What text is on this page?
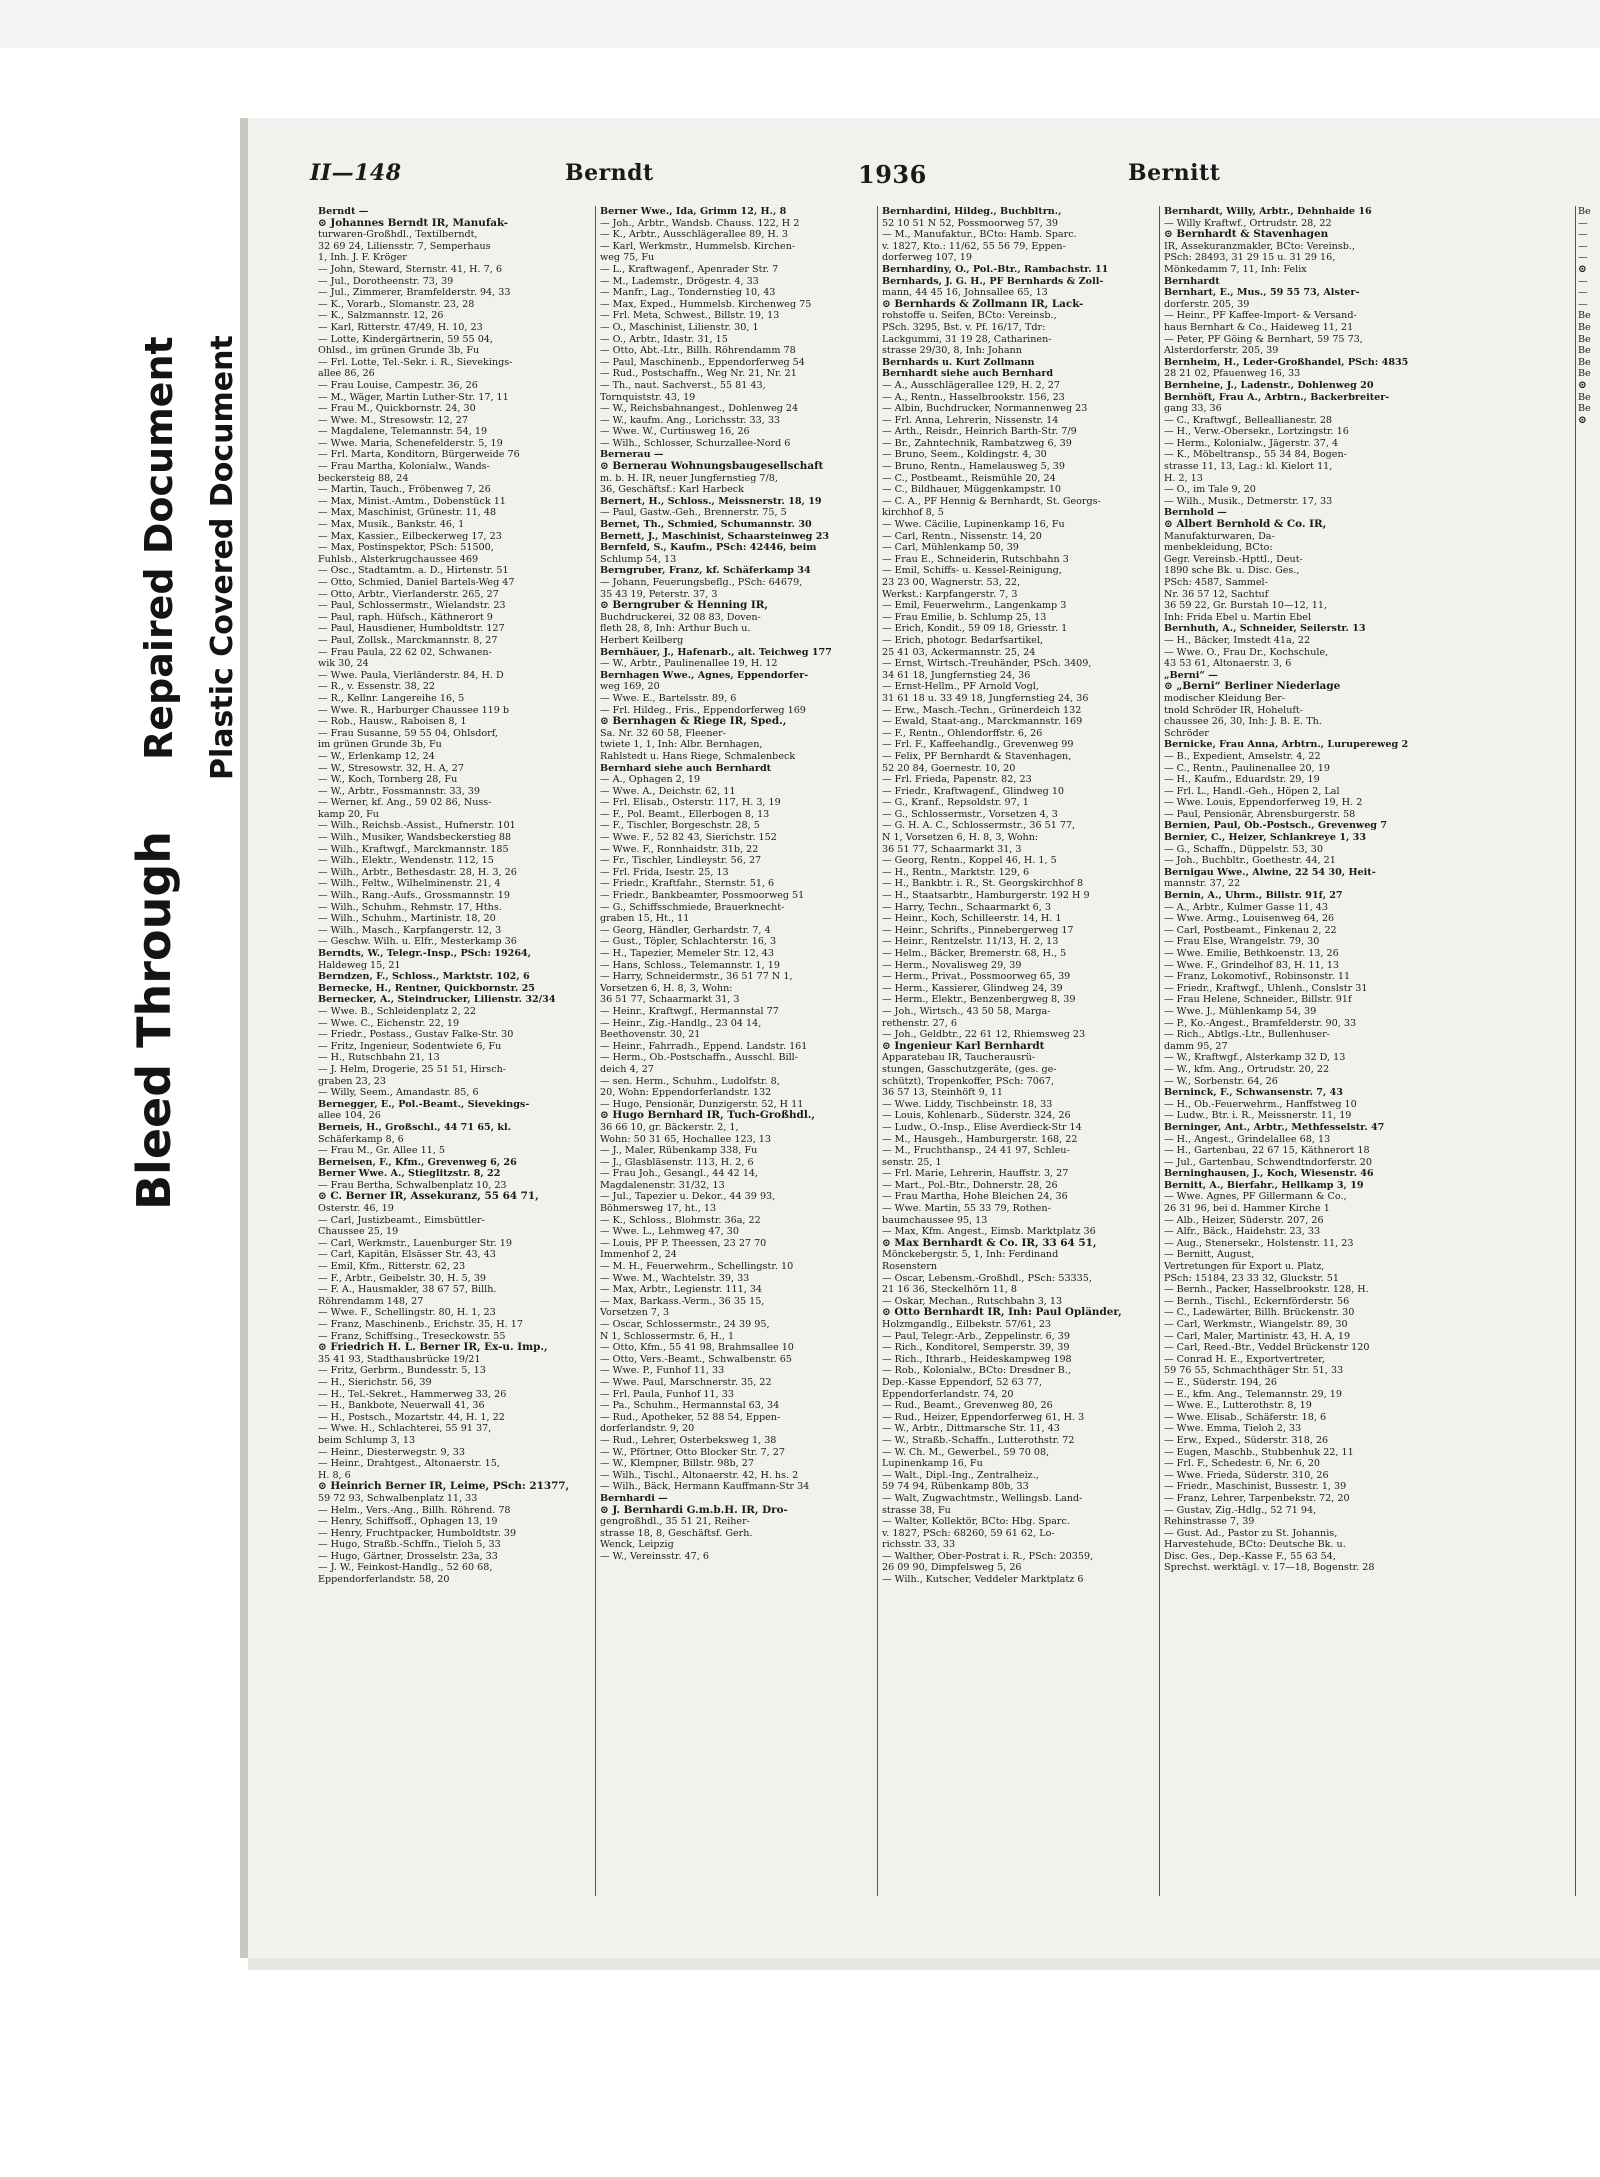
Bleed Through
Repaired Document Plastic Covered Document
II—148	Berndt	1936	Bernitt
Berndt —
⊙ Johannes Berndt IR, Manufak-
turwaren-Großhdl., Textilberndt,
32 69 24, Liliensstr. 7, Semperhaus
1, Inh. J. F. Kröger
— John, Steward, Sternstr. 41, H. 7, 6
— Jul., Dorotheenstr. 73, 39
— Jul., Zimmerer, Bramfelderstr. 94, 33
— K., Vorarb., Slomanstr. 23, 28
— K., Salzmannstr. 12, 26
— Karl, Ritterstr. 47/49, H. 10, 23
— Lotte, Kindergärtnerin, 59 55 04,
Ohlsd., im grünen Grunde 3b, Fu
— Frl. Lotte, Tel.-Sekr. i. R., Sievekings-
allee 86, 26
— Frau Louise, Campestr. 36, 26
— M., Wäger, Martin Luther-Str. 17, 11
— Frau M., Quickbornstr. 24, 30
— Wwe. M., Stresowstr. 12, 27
— Magdalene, Telemannstr. 54, 19
— Wwe. Maria, Schenefelderstr. 5, 19
— Frl. Marta, Konditorn, Bürgerweide 76
— Frau Martha, Kolonialw., Wands-
beckersteig 88, 24
— Martin, Tauch., Fröbenweg 7, 26
— Max, Minist.-Amtm., Dobenstück 11
— Max, Maschinist, Grünestr. 11, 48
— Max, Musik., Bankstr. 46, 1
— Max, Kassier., Eilbeckerweg 17, 23
— Max, Postinspektor, PSch: 51500,
Fuhlsb., Alsterkrugchaussee 469
— Osc., Stadtamtm. a. D., Hirtenstr. 51
— Otto, Schmied, Daniel Bartels-Weg 47
— Otto, Arbtr., Vierlanderstr. 265, 27
— Paul, Schlossermstr., Wielandstr. 23
— Paul, raph. Hüfsch., Käthnerort 9
— Paul, Hausdiener, Humboldtstr. 127
— Paul, Zollsk., Marckmannstr. 8, 27
— Frau Paula, 22 62 02, Schwanen-
wik 30, 24
— Wwe. Paula, Vierländerstr. 84, H. D
— R., v. Essenstr. 38, 22
— R., Kellnr. Langereihe 16, 5
— Wwe. R., Harburger Chaussee 119 b
— Rob., Hausw., Raboisen 8, 1
— Frau Susanne, 59 55 04, Ohlsdorf,
im grünen Grunde 3b, Fu
— W., Erlenkamp 12, 24
— W., Stresowstr. 32, H. A, 27
— W., Koch, Tornberg 28, Fu
— W., Arbtr., Fossmannstr. 33, 39
— Werner, kf. Ang., 59 02 86, Nuss-
kamp 20, Fu
— Wilh., Reichsb.-Assist., Hufnerstr. 101
— Wilh., Musiker, Wandsbeckerstieg 88
— Wilh., Kraftwgf., Marckmannstr. 185
— Wilh., Elektr., Wendenstr. 112, 15
— Wilh., Arbtr., Bethesdastr. 28, H. 3, 26
— Wilh., Feltw., Wilhelminenstr. 21, 4
— Wilh., Rang.-Aufs., Grossmannstr. 19
— Wilh., Schuhm., Rehmstr. 17, Hths.
— Wilh., Schuhm., Martinistr. 18, 20
— Wilh., Masch., Karpfangerstr. 12, 3
— Geschw. Wilh. u. Elfr., Mesterkamp 36
Berndts, W., Telegr.-Insp., PSch: 19264,
Haldeweg 15, 21
Berndzen, F., Schloss., Marktstr. 102, 6
Bernecke, H., Rentner, Quickbornstr. 25
Bernecker, A., Steindrucker, Lilienstr. 32/34
— Wwe. B., Schleidenplatz 2, 22
— Wwe. C., Eichenstr. 22, 19
— Friedr., Postass., Gustav Falke-Str. 30
— Fritz, Ingenieur, Sodentwiete 6, Fu
— H., Rutschbahn 21, 13
— J. Helm, Drogerie, 25 51 51, Hirsch-
graben 23, 23
— Willy, Seem., Amandastr. 85, 6
Bernegger, E., Pol.-Beamt., Sievekings-
allee 104, 26
Berneis, H., Großschl., 44 71 65, kl.
Schäferkamp 8, 6
— Frau M., Gr. Allee 11, 5
Berneisen, F., Kfm., Grevenweg 6, 26
Berner Wwe. A., Stieglitzstr. 8, 22
— Frau Bertha, Schwalbenplatz 10, 23
⊙ C. Berner IR, Assekuranz, 55 64 71,
Osterstr. 46, 19
— Carl, Justizbeamt., Eimsbüttler-
Chaussee 25, 19
— Carl, Werkmstr., Lauenburger Str. 19
— Carl, Kapitän, Elsässer Str. 43, 43
— Emil, Kfm., Ritterstr. 62, 23
— F., Arbtr., Geibelstr. 30, H. 5, 39
— F. A., Hausmakler, 38 67 57, Billh.
Röhrendamm 148, 27
— Wwe. F., Schellingstr. 80, H. 1, 23
— Franz, Maschinenb., Erichstr. 35, H. 17
— Franz, Schiffsing., Treseckowstr. 55
⊙ Friedrich H. L. Berner IR, Ex-u. Imp.,
35 41 93, Stadthausbrücke 19/21
— Fritz, Gerbrm., Bundesstr. 5, 13
— H., Sierichstr. 56, 39
— H., Tel.-Sekret., Hammerweg 33, 26
— H., Bankbote, Neuerwall 41, 36
— H., Postsch., Mozartstr. 44, H. 1, 22
— Wwe. H., Schlachterei, 55 91 37,
beim Schlump 3, 13
— Heinr., Diesterwegstr. 9, 33
— Heinr., Drahtgest., Altonaerstr. 15,
H. 8, 6
⊙ Heinrich Berner IR, Leime, PSch: 21377,
59 72 93, Schwalbenplatz 11, 33
— Helm., Vers.-Ang., Billh. Röhrend. 78
— Henry, Schiffsoff., Ophagen 13, 19
— Henry, Fruchtpacker, Humboldtstr. 39
— Hugo, Straßb.-Schffn., Tieloh 5, 33
— Hugo, Gärtner, Drosselstr. 23a, 33
— J. W., Feinkost-Handlg., 52 60 68,
Eppendorferlandstr. 58, 20
Berner Wwe., Ida, Grimm 12, H., 8
— Joh., Arbtr., Wandsb. Chauss. 122, H 2
— K., Arbtr., Ausschlägerallee 89, H. 3
— Karl, Werkmstr., Hummelsb. Kirchen-
weg 75, Fu
— L., Kraftwagenf., Apenrader Str. 7
— M., Lademstr., Drögestr. 4, 33
— Manfr., Lag., Tondernstieg 10, 43
— Max, Exped., Hummelsb. Kirchenweg 75
— Frl. Meta, Schwest., Billstr. 19, 13
— O., Maschinist, Lilienstr. 30, 1
— O., Arbtr., Idastr. 31, 15
— Otto, Abt.-Ltr., Billh. Röhrendamm 78
— Paul, Maschinenb., Eppendorferweg 54
— Rud., Postschaffn., Weg Nr. 21, Nr. 21
— Th., naut. Sachverst., 55 81 43,
Tornquiststr. 43, 19
— W., Reichsbahnangest., Dohlenweg 24
— W., kaufm. Ang., Lorichsstr. 33, 33
— Wwe. W., Curtiusweg 16, 26
— Wilh., Schlosser, Schurzallee-Nord 6
Bernerau —
⊙ Bernerau Wohnungsbaugesellschaft
m. b. H. IR, neuer Jungfernstieg 7/8,
36, Geschäftsf.: Karl Harbeck
Bernert, H., Schloss., Meissnerstr. 18, 19
— Paul, Gastw.-Geh., Brennerstr. 75, 5
Bernet, Th., Schmied, Schumannstr. 30
Bernett, J., Maschinist, Schaarsteinweg 23
Bernfeld, S., Kaufm., PSch: 42446, beim
Schlump 54, 13
Berngruber, Franz, kf. Schäferkamp 34
— Johann, Feuerungsbeflg., PSch: 64679,
35 43 19, Peterstr. 37, 3
⊙ Berngruber & Henning IR,
Buchdruckerei, 32 08 83, Doven-
fleth 28, 8, Inh: Arthur Buch u.
Herbert Keilberg
Bernhäuer, J., Hafenarb., alt. Teichweg 177
— W., Arbtr., Paulinenallee 19, H. 12
Bernhagen Wwe., Agnes, Eppendorfer-
weg 169, 20
— Wwe. E., Bartelsstr. 89, 6
— Frl. Hildeg., Fris., Eppendorferweg 169
⊙ Bernhagen & Riege IR, Sped.,
Sa. Nr. 32 60 58, Fleener-
twiete 1, 1, Inh: Albr. Bernhagen,
Rahlstedt u. Hans Riege, Schmalenbeck
Bernhard siehe auch Bernhardt
— A., Ophagen 2, 19
— Wwe. A., Deichstr. 62, 11
— Frl. Elisab., Osterstr. 117, H. 3, 19
— F., Pol. Beamt., Ellerbogen 8, 13
— F., Tischler, Borgeschstr. 28, 5
— Wwe. F., 52 82 43, Sierichstr. 152
— Wwe. F., Ronnhaidstr. 31b, 22
— Fr., Tischler, Lindleystr. 56, 27
— Frl. Frida, Isestr. 25, 13
— Friedr., Kraftfahr., Sternstr. 51, 6
— Friedr., Bankbeamter, Possmoorweg 51
— G., Schiffsschmiede, Brauerknecht-
graben 15, Ht., 11
— Georg, Händler, Gerhardstr. 7, 4
— Gust., Töpler, Schlachterstr. 16, 3
— H., Tapezier, Memeler Str. 12, 43
— Hans, Schloss., Telemannstr. 1, 19
— Harry, Schneidermstr., 36 51 77 N 1,
Vorsetzen 6, H. 8, 3, Wohn:
36 51 77, Schaarmarkt 31, 3
— Heinr., Kraftwgf., Hermannstal 77
— Heinr., Zig.-Handlg., 23 04 14,
Beethovenstr. 30, 21
— Heinr., Fahrradh., Eppend. Landstr. 161
— Herm., Ob.-Postschaffn., Ausschl. Bill-
deich 4, 27
— sen. Herm., Schuhm., Ludolfstr. 8,
20, Wohn: Eppendorferlandstr. 132
— Hugo, Pensionär, Dunzigerstr. 52, H 11
⊙ Hugo Bernhard IR, Tuch-Großhdl.,
36 66 10, gr. Bäckerstr. 2, 1,
Wohn: 50 31 65, Hochallee 123, 13
— J., Maler, Rübenkamp 338, Fu
— J., Glasbläsenstr. 113, H. 2, 6
— Frau Joh., Gesangl., 44 42 14,
Magdalenenstr. 31/32, 13
— Jul., Tapezier u. Dekor., 44 39 93,
Böhmersweg 17, ht., 13
— K., Schloss., Blohmstr. 36a, 22
— Wwe. L., Lehmweg 47, 30
— Louis, PF P. Theessen, 23 27 70
Immenhof 2, 24
— M. H., Feuerwehrm., Schellingstr. 10
— Wwe. M., Wachtelstr. 39, 33
— Max, Arbtr., Legienstr. 111, 34
— Max, Barkass.-Verm., 36 35 15,
Vorsetzen 7, 3
— Oscar, Schlossermstr., 24 39 95,
N 1, Schlossermstr. 6, H., 1
— Otto, Kfm., 55 41 98, Brahmsallee 10
— Otto, Vers.-Beamt., Schwalbenstr. 65
— Wwe. P., Funhof 11, 33
— Wwe. Paul, Marschnerstr. 35, 22
— Frl. Paula, Funhof 11, 33
— Pa., Schuhm., Hermannstal 63, 34
— Rud., Apotheker, 52 88 54, Eppen-
dorferlandstr. 9, 20
— Rud., Lehrer, Osterbeksweg 1, 38
— W., Pförtner, Otto Blocker Str. 7, 27
— W., Klempner, Billstr. 98b, 27
— Wilh., Tischl., Altonaerstr. 42, H. hs. 2
— Wilh., Bäck, Hermann Kauffmann-Str 34
Bernhardi —
⊙ J. Bernhardi G.m.b.H. IR, Dro-
gengroßhdl., 35 51 21, Reiher-
strasse 18, 8, Geschäftsf. Gerh.
Wenck, Leipzig
— W., Vereinsstr. 47, 6
Bernhardini, Hildeg., Buchbltrn.,
52 10 51 N 52, Possmoorweg 57, 39
— M., Manufaktur., BCto: Hamb. Sparc.
v. 1827, Kto.: 11/62, 55 56 79, Eppen-
dorferweg 107, 19
Bernhardiny, O., Pol.-Btr., Rambachstr. 11
Bernhards, J. G. H., PF Bernhards & Zoll-
mann, 44 45 16, Johnsallee 65, 13
⊙ Bernhards & Zollmann IR, Lack-
rohstoffe u. Seifen, BCto: Vereinsb.,
PSch. 3295, Bst. v. Pf. 16/17, Tdr:
Lackgummi, 31 19 28, Catharinen-
strasse 29/30, 8, Inh: Johann
Bernhards u. Kurt Zollmann
Bernhardt siehe auch Bernhard
— A., Ausschlägerallee 129, H. 2, 27
— A., Rentn., Hasselbrookstr. 156, 23
— Albin, Buchdrucker, Normannenweg 23
— Frl. Anna, Lehrerin, Nissenstr. 14
— Arth., Reisdr., Heinrich Barth-Str. 7/9
— Br., Zahntechnik, Rambatzweg 6, 39
— Bruno, Seem., Koldingstr. 4, 30
— Bruno, Rentn., Hamelausweg 5, 39
— C., Postbeamt., Reismühle 20, 24
— C., Bildhauer, Müggenkampstr. 10
— C. A., PF Hennig & Bernhardt, St. Georgs-
kirchhof 8, 5
— Wwe. Cäcilie, Lupinenkamp 16, Fu
— Carl, Rentn., Nissenstr. 14, 20
— Carl, Mühlenkamp 50, 39
— Frau E., Schneiderin, Rutschbahn 3
— Emil, Schiffs- u. Kessel-Reinigung,
23 23 00, Wagnerstr. 53, 22,
Werkst.: Karpfangerstr. 7, 3
— Emil, Feuerwehrm., Langenkamp 3
— Frau Emilie, b. Schlump 25, 13
— Erich, Kondit., 59 09 18, Griesstr. 1
— Erich, photogr. Bedarfsartikel,
25 41 03, Ackermannstr. 25, 24
— Ernst, Wirtsch.-Treuhänder, PSch. 3409,
34 61 18, Jungfernstieg 24, 36
— Ernst-Hellm., PF Arnold Vogl,
31 61 18 u. 33 49 18, Jungfernstieg 24, 36
— Erw., Masch.-Techn., Grünerdeich 132
— Ewald, Staat-ang., Marckmannstr. 169
— F., Rentn., Ohlendorffstr. 6, 26
— Frl. F., Kaffeehandlg., Grevenweg 99
— Felix, PF Bernhardt & Stavenhagen,
52 20 84, Goernestr. 10, 20
— Frl. Frieda, Papenstr. 82, 23
— Friedr., Kraftwagenf., Glindweg 10
— G., Kranf., Repsoldstr. 97, 1
— G., Schlossermstr., Vorsetzen 4, 3
— G. H. A. C., Schlossermstr., 36 51 77,
N 1, Vorsetzen 6, H. 8, 3, Wohn:
36 51 77, Schaarmarkt 31, 3
— Georg, Rentn., Koppel 46, H. 1, 5
— H., Rentn., Marktstr. 129, 6
— H., Bankbtr. i. R., St. Georgskirchhof 8
— H., Staatsarbtr., Hamburgerstr. 192 H 9
— Harry, Techn., Schaarmarkt 6, 3
— Heinr., Koch, Schilleerstr. 14, H. 1
— Heinr., Schrifts., Pinnebergerweg 17
— Heinr., Rentzelstr. 11/13, H. 2, 13
— Helm., Bäcker, Bremerstr. 68, H., 5
— Herm., Novalisweg 29, 39
— Herm., Privat., Possmoorweg 65, 39
— Herm., Kassierer, Glindweg 24, 39
— Herm., Elektr., Benzenbergweg 8, 39
— Joh., Wirtsch., 43 50 58, Marga-
rethenstr. 27, 6
— Joh., Geldbtr., 22 61 12, Rhiemsweg 23
⊙ Ingenieur Karl Bernhardt
Apparatebau IR, Taucherausrü-
stungen, Gasschutzgeräte, (ges. ge-
schützt), Tropenkoffer, PSch: 7067,
36 57 13, Steinhöft 9, 11
— Wwe. Liddy, Tischbeinstr. 18, 33
— Louis, Kohlenarb., Süderstr. 324, 26
— Ludw., O.-Insp., Elise Averdieck-Str 14
— M., Hausgeh., Hamburgerstr. 168, 22
— M., Fruchthansp., 24 41 97, Schleu-
senstr. 25, 1
— Frl. Marie, Lehrerin, Hauffstr. 3, 27
— Mart., Pol.-Btr., Dohnerstr. 28, 26
— Frau Martha, Hohe Bleichen 24, 36
— Wwe. Martin, 55 33 79, Rothen-
baumchaussee 95, 13
— Max, Kfm. Angest., Eimsb. Marktplatz 36
⊙ Max Bernhardt & Co. IR, 33 64 51,
Mönckebergstr. 5, 1, Inh: Ferdinand
Rosenstern
— Oscar, Lebensm.-Großhdl., PSch: 53335,
21 16 36, Steckelhörn 11, 8
— Oskar, Mechan., Rutschbahn 3, 13
⊙ Otto Bernhardt IR, Inh: Paul Opländer,
Holzmgandlg., Eilbekstr. 57/61, 23
— Paul, Telegr.-Arb., Zeppelinstr. 6, 39
— Rich., Konditorel, Semperstr. 39, 39
— Rich., Ithrarb., Heideskampweg 198
— Rob., Kolonialw., BCto: Dresdner B.,
Dep.-Kasse Eppendorf, 52 63 77,
Eppendorferlandstr. 74, 20
— Rud., Beamt., Grevenweg 80, 26
— Rud., Heizer, Eppendorferweg 61, H. 3
— W., Arbtr., Dittmarsche Str. 11, 43
— W., Straßb.-Schaffn., Lutterothstr. 72
— W. Ch. M., Gewerbel., 59 70 08,
Lupinenkamp 16, Fu
— Walt., Dipl.-Ing., Zentralheiz.,
59 74 94, Rübenkamp 80b, 33
— Walt, Zugwachtmstr., Wellingsb. Land-
strasse 38, Fu
— Walter, Kollektör, BCto: Hbg. Sparc.
v. 1827, PSch: 68260, 59 61 62, Lo-
richsstr. 33, 33
— Walther, Ober-Postrat i. R., PSch: 20359,
26 09 90, Dimpfelsweg 5, 26
— Wilh., Kutscher, Veddeler Marktplatz 6
Bernhardt, Willy, Arbtr., Dehnhaide 16
— Willy Kraftwf., Ortrudstr. 28, 22
⊙ Bernhardt & Stavenhagen
IR, Assekuranzmakler, BCto: Vereinsb.,
PSch: 28493, 31 29 15 u. 31 29 16,
Mönkedamm 7, 11, Inh: Felix
Bernhardt
Bernhart, E., Mus., 59 55 73, Alster-
dorferstr. 205, 39
— Heinr., PF Kaffee-Import- & Versand-
haus Bernhart & Co., Haideweg 11, 21
— Peter, PF Göing & Bernhart, 59 75 73,
Alsterdorferstr. 205, 39
Bernheim, H., Leder-Großhandel, PSch: 4835
28 21 02, Pfauenweg 16, 33
Bernheine, J., Ladenstr., Dohlenweg 20
Bernhöft, Frau A., Arbtrn., Backerbreiter-
gang 33, 36
— C., Kraftwgf., Belleallianestr. 28
— H., Verw.-Obersekr., Lortzingstr. 16
— Herm., Kolonialw., Jägerstr. 37, 4
— K., Möbeltransp., 55 34 84, Bogen-
strasse 11, 13, Lag.: kl. Kielort 11,
H. 2, 13
— O., im Tale 9, 20
— Wilh., Musik., Detmerstr. 17, 33
Bernhold —
⊙ Albert Bernhold & Co. IR,
Manufakturwaren, Da-
menbekleidung, BCto:
Gegr. Vereinsb.-Hpttl., Deut-
1890 sche Bk. u. Disc. Ges.,
PSch: 4587, Sammel-
Nr. 36 57 12, Sachtuf
36 59 22, Gr. Burstah 10—12, 11,
Inh: Frida Ebel u. Martin Ebel
Bernhuth, A., Schneider, Seilerstr. 13
— H., Bäcker, Imstedt 41a, 22
— Wwe. O., Frau Dr., Kochschule,
43 53 61, Altonaerstr. 3, 6
„Berni“ —
⊙ „Berni“ Berliner Niederlage
modischer Kleidung Ber-
tnold Schröder IR, Hoheluft-
chaussee 26, 30, Inh: J. B. E. Th.
Schröder
Bernicke, Frau Anna, Arbtrn., Lurupereweg 2
— B., Expedient, Amselstr. 4, 22
— C., Rentn., Paulinenallee 20, 19
— H., Kaufm., Eduardstr. 29, 19
— Frl. L., Handl.-Geh., Höpen 2, Lal
— Wwe. Louis, Eppendorferweg 19, H. 2
— Paul, Pensionär, Abrensburgerstr. 58
Bernien, Paul, Ob.-Postsch., Grevenweg 7
Bernier, C., Heizer, Schlankreye 1, 33
— G., Schaffn., Düppelstr. 53, 30
— Joh., Buchbltr., Goethestr. 44, 21
Bernigau Wwe., Alwine, 22 54 30, Heit-
mannstr. 37, 22
Bernin, A., Uhrm., Billstr. 91f, 27
— A., Arbtr., Kulmer Gasse 11, 43
— Wwe. Armg., Louisenweg 64, 26
— Carl, Postbeamt., Finkenau 2, 22
— Frau Else, Wrangelstr. 79, 30
— Wwe. Emilie, Bethkoenstr. 13, 26
— Wwe. F., Grindelhof 83, H. 11, 13
— Franz, Lokomotivf., Robinsonstr. 11
— Friedr., Kraftwgf., Uhlenh., Conslstr 31
— Frau Helene, Schneider., Billstr. 91f
— Wwe. J., Mühlenkamp 54, 39
— P., Ko.-Angest., Bramfelderstr. 90, 33
— Rich., Abtlgs.-Ltr., Bullenhuser-
damm 95, 27
— W., Kraftwgf., Alsterkamp 32 D, 13
— W., kfm. Ang., Ortrudstr. 20, 22
— W., Sorbenstr. 64, 26
Berninck, F., Schwansenstr. 7, 43
— H., Ob.-Feuerwehrm., Hanffstweg 10
— Ludw., Btr. i. R., Meissnerstr. 11, 19
Berninger, Ant., Arbtr., Methfesselstr. 47
— H., Angest., Grindelallee 68, 13
— H., Gartenbau, 22 67 15, Käthnerort 18
— Jul., Gartenbau, Schwendtndorferstr. 20
Berninghausen, J., Koch, Wiesenstr. 46
Bernitt, A., Bierfahr., Hellkamp 3, 19
— Wwe. Agnes, PF Gillermann & Co.,
26 31 96, bei d. Hammer Kirche 1
— Alb., Heizer, Süderstr. 207, 26
— Alfr., Bäck., Haidehstr. 23, 33
— Aug., Stenersekr., Holstenstr. 11, 23
— Bernitt, August,
Vertretungen für Export u. Platz,
PSch: 15184, 23 33 32, Gluckstr. 51
— Bernh., Packer, Hasselbrookstr. 128, H.
— Bernh., Tischl., Eckernförderstr. 56
— C., Ladewärter, Billh. Brückenstr. 30
— Carl, Werkmstr., Wiangelstr. 89, 30
— Carl, Maler, Martinistr. 43, H. A, 19
— Carl, Reed.-Btr., Veddel Brückenstr 120
— Conrad H. E., Exportvertreter,
59 76 55, Schmachthäger Str. 51, 33
— E., Süderstr. 194, 26
— E., kfm. Ang., Telemannstr. 29, 19
— Wwe. E., Lutterothstr. 8, 19
— Wwe. Elisab., Schäferstr. 18, 6
— Wwe. Emma, Tieloh 2, 33
— Erw., Exped., Süderstr. 318, 26
— Eugen, Maschb., Stubbenhuk 22, 11
— Frl. F., Schedestr. 6, Nr. 6, 20
— Wwe. Frieda, Süderstr. 310, 26
— Friedr., Maschinist, Bussestr. 1, 39
— Franz, Lehrer, Tarpenbekstr. 72, 20
— Gustav, Zig.-Hdlg., 52 71 94,
Rehinstrasse 7, 39
— Gust. Ad., Pastor zu St. Johannis,
Harvestehude, BCto: Deutsche Bk. u.
Disc. Ges., Dep.-Kasse F., 55 63 54,
Sprechst. werktägl. v. 17—18, Bogenstr. 28
Be
—
—
—
—
⊙
—
—
—
Be
Be
Be
Be
Be
Be
⊙
Be
Be
⊙
